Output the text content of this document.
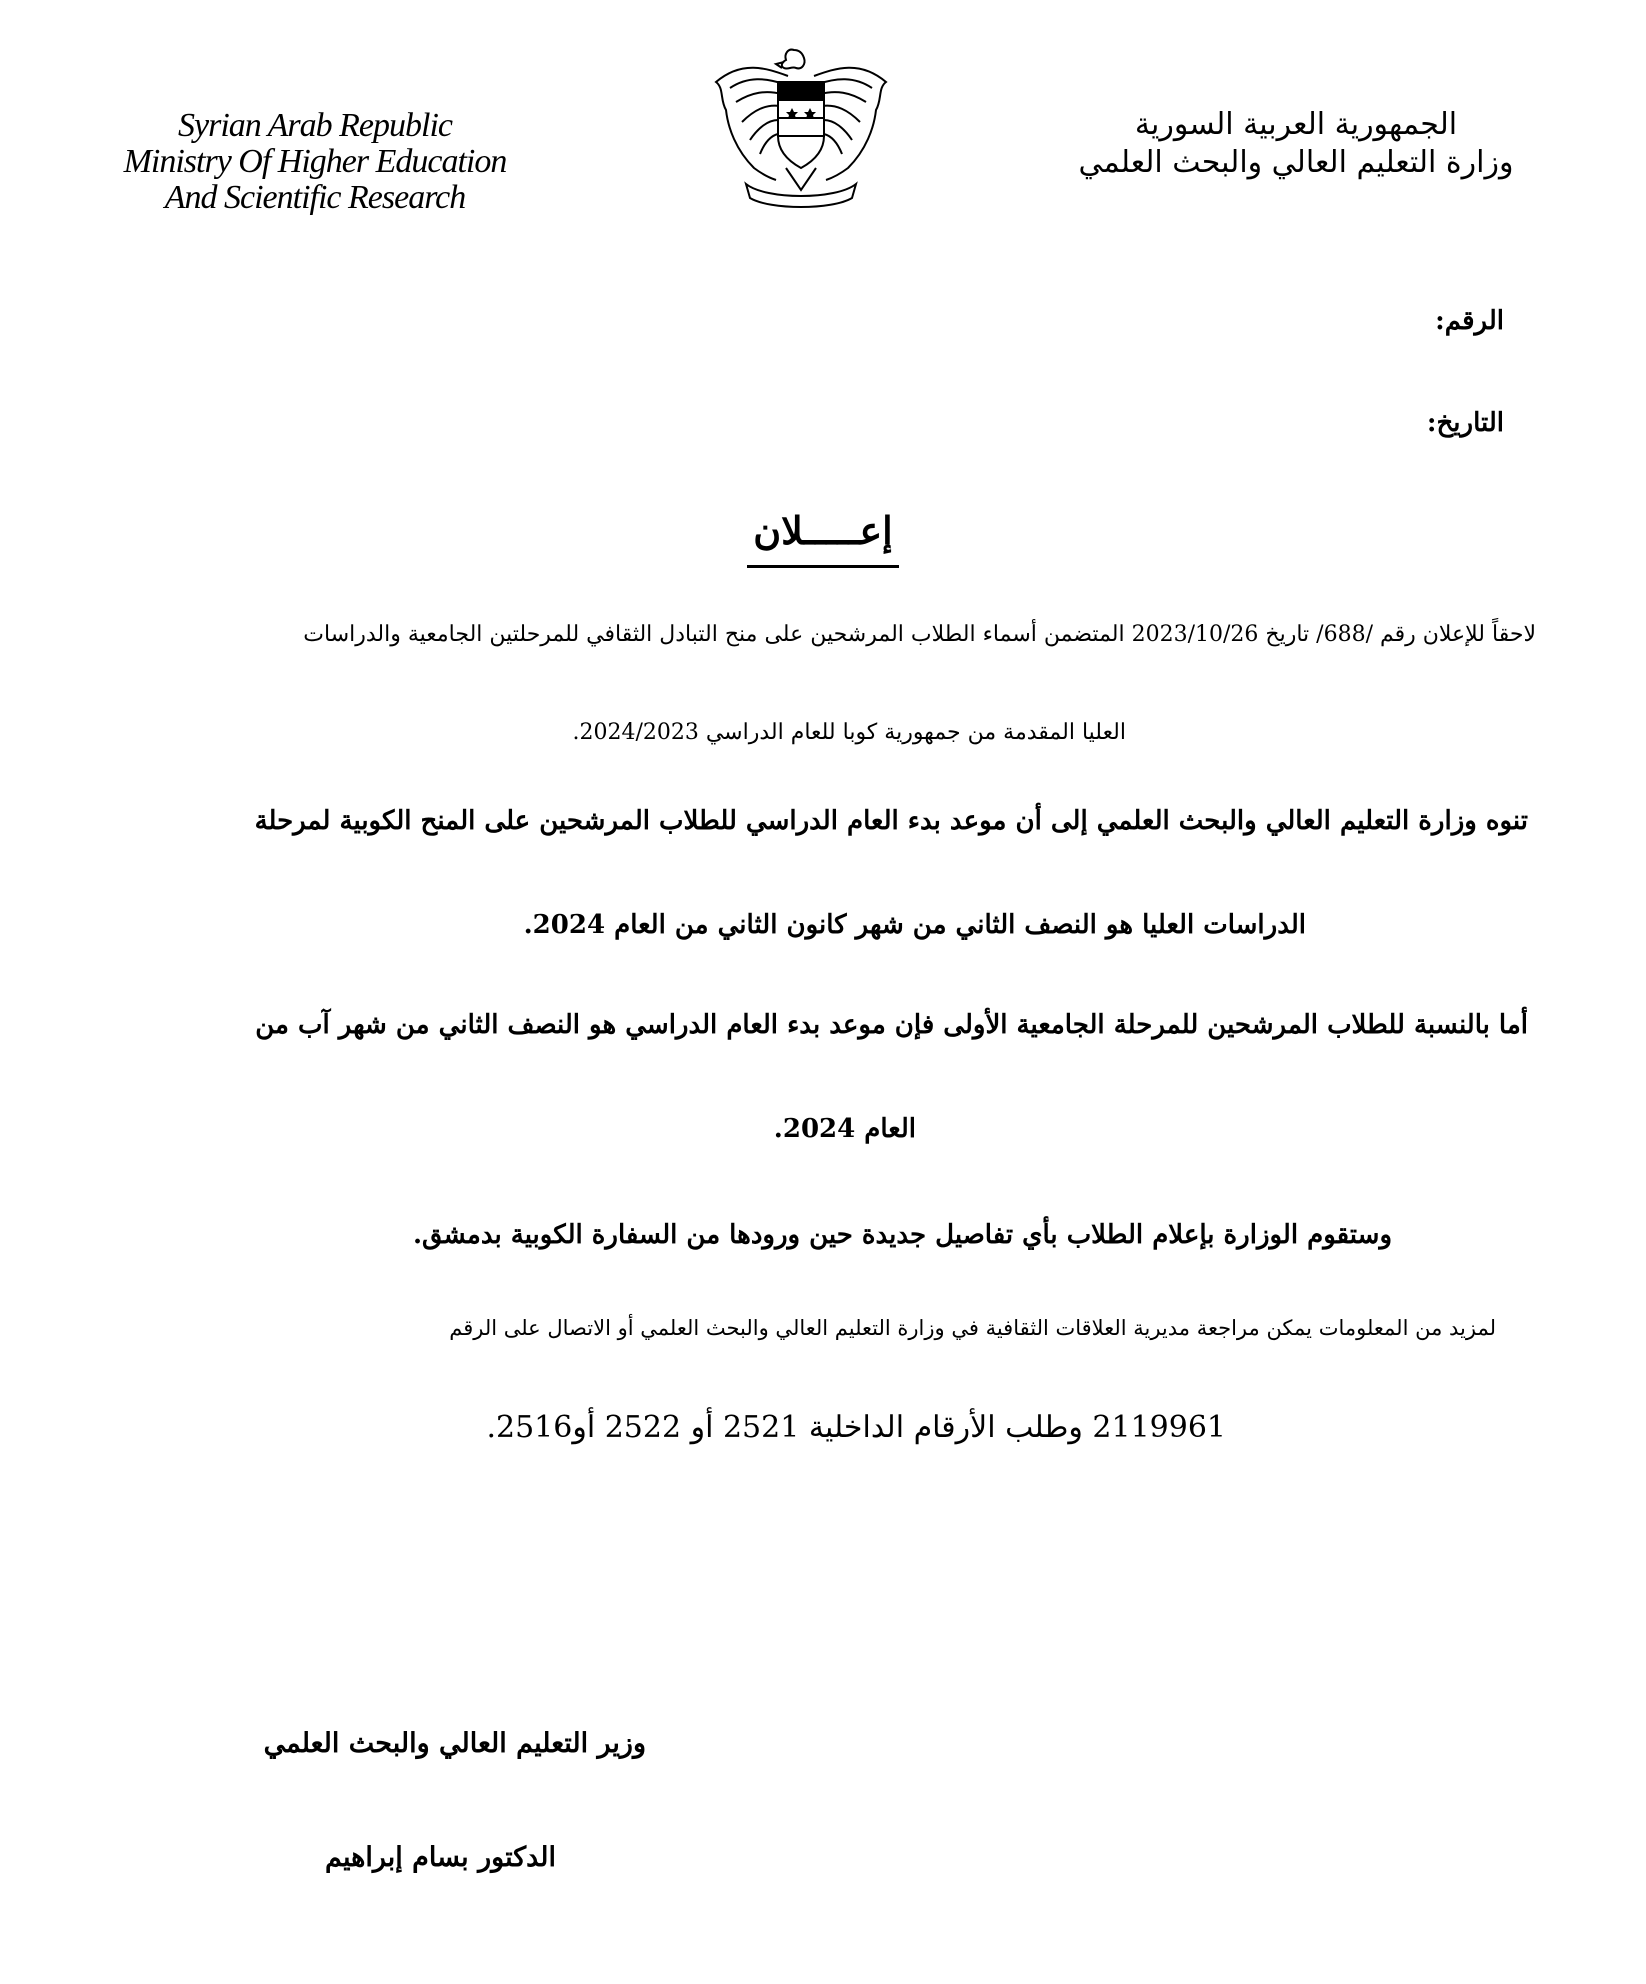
Syrian Arab Republic
Ministry Of Higher Education
And Scientific Research
الجمهورية العربية السورية
وزارة التعليم العالي والبحث العلمي
الرقم:
التاريخ:
إعـــــلان
لاحقاً للإعلان رقم /688/ تاريخ 2023/10/26 المتضمن أسماء الطلاب المرشحين على منح التبادل الثقافي للمرحلتين الجامعية والدراسات
العليا المقدمة من جمهورية كوبا للعام الدراسي 2024/2023.
تنوه وزارة التعليم العالي والبحث العلمي إلى أن موعد بدء العام الدراسي للطلاب المرشحين على المنح الكوبية لمرحلة
الدراسات العليا هو النصف الثاني من شهر كانون الثاني من العام 2024.
أما بالنسبة للطلاب المرشحين للمرحلة الجامعية الأولى فإن موعد بدء العام الدراسي هو النصف الثاني من شهر آب من
العام 2024.
وستقوم الوزارة بإعلام الطلاب بأي تفاصيل جديدة حين ورودها من السفارة الكوبية بدمشق.
لمزيد من المعلومات يمكن مراجعة مديرية العلاقات الثقافية في وزارة التعليم العالي والبحث العلمي أو الاتصال على الرقم
2119961 وطلب الأرقام الداخلية 2521 أو 2522 أو2516.
وزير التعليم العالي والبحث العلمي
الدكتور بسام إبراهيم
